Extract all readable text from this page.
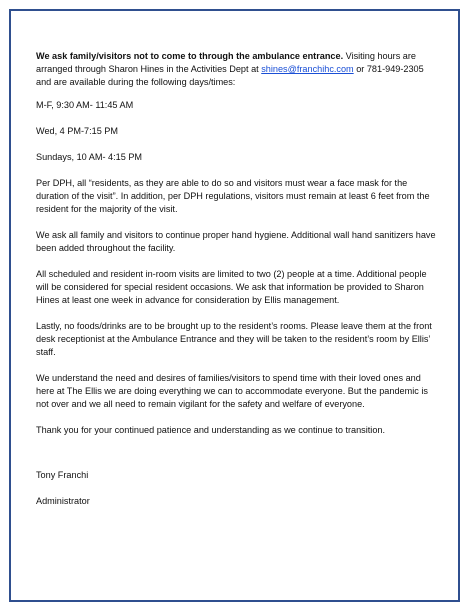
We ask family/visitors not to come to through the ambulance entrance. Visiting hours are arranged through Sharon Hines in the Activities Dept at shines@franchihc.com or 781-949-2305 and are available during the following days/times:

M-F, 9:30 AM- 11:45 AM

Wed, 4 PM-7:15 PM

Sundays, 10 AM- 4:15 PM

Per DPH, all “residents, as they are able to do so and visitors must wear a face mask for the duration of the visit”. In addition, per DPH regulations, visitors must remain at least 6 feet from the resident for the majority of the visit.

We ask all family and visitors to continue proper hand hygiene. Additional wall hand sanitizers have been added throughout the facility.

All scheduled and resident in-room visits are limited to two (2) people at a time. Additional people will be considered for special resident occasions. We ask that information be provided to Sharon Hines at least one week in advance for consideration by Ellis management.

Lastly, no foods/drinks are to be brought up to the resident’s rooms. Please leave them at the front desk receptionist at the Ambulance Entrance and they will be taken to the resident’s room by Ellis’ staff.

We understand the need and desires of families/visitors to spend time with their loved ones and here at The Ellis we are doing everything we can to accommodate everyone. But the pandemic is not over and we all need to remain vigilant for the safety and welfare of everyone.

Thank you for your continued patience and understanding as we continue to transition.

Tony Franchi

Administrator
